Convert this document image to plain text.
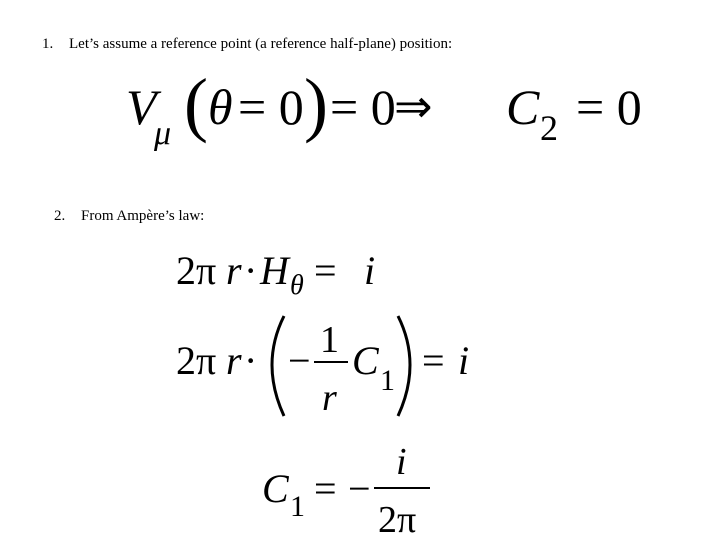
1. Let’s assume a reference point (a reference half-plane) position:
V
μ ( θ = 0 ) = 0
⇒ C 2 = 0
2. From Ampère’s law:
2π r · H θ = i
2π r · − 1
r
C 1 = i
C 1 = −
i
2π
